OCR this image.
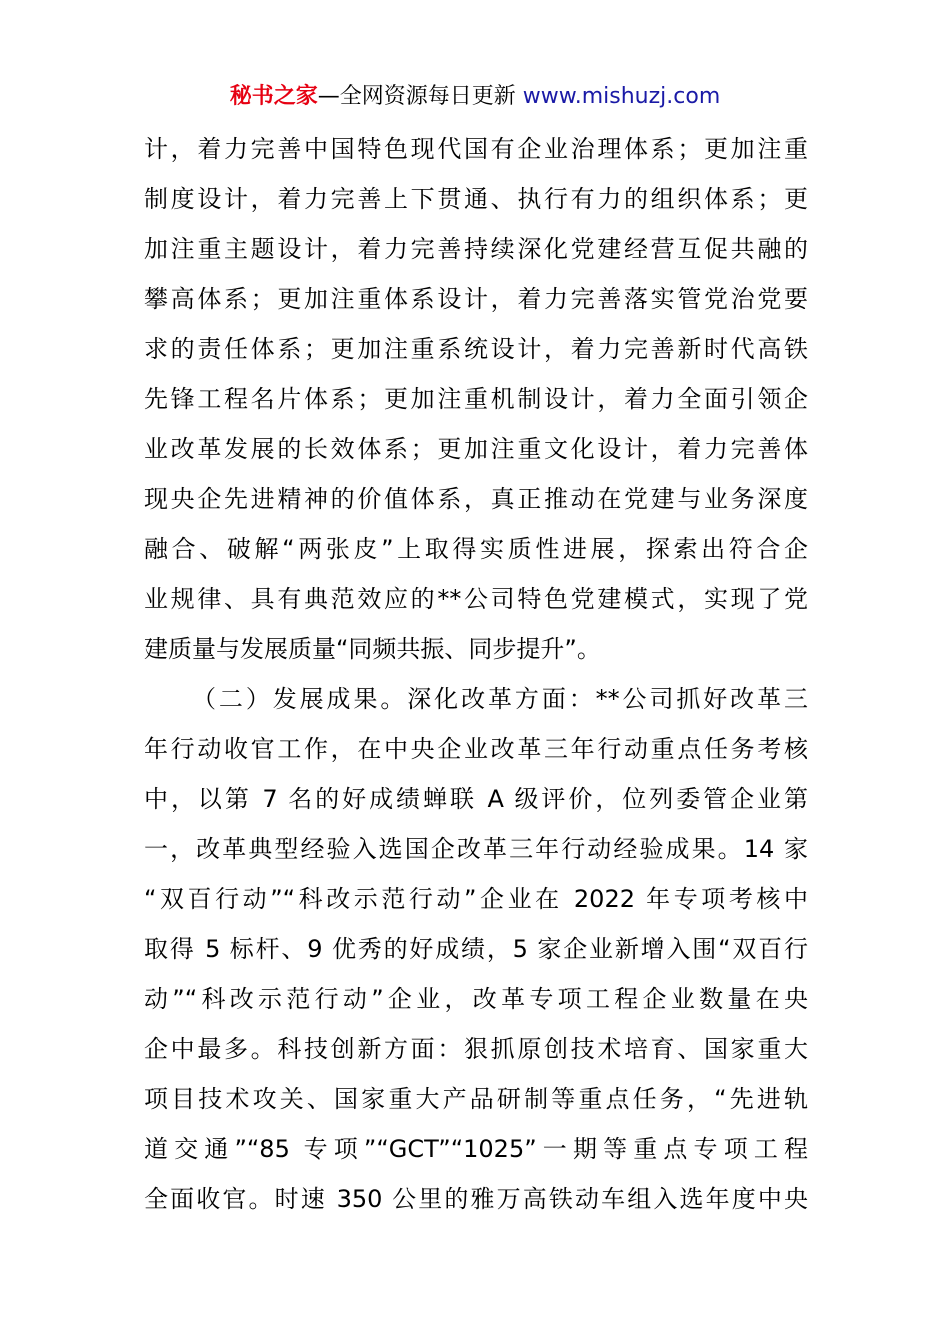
秘书之家—全网资源每日更新 www.mishuzj.com
计，着力完善中国特色现代国有企业治理体系；更加注重
制度设计，着力完善上下贯通、执行有力的组织体系；更
加注重主题设计，着力完善持续深化党建经营互促共融的
攀高体系；更加注重体系设计，着力完善落实管党治党要
求的责任体系；更加注重系统设计，着力完善新时代高铁
先锋工程名片体系；更加注重机制设计，着力全面引领企
业改革发展的长效体系；更加注重文化设计，着力完善体
现央企先进精神的价值体系，真正推动在党建与业务深度
融合、破解“两张皮”上取得实质性进展，探索出符合企
业规律、具有典范效应的**公司特色党建模式，实现了党
建质量与发展质量“同频共振、同步提升”。
（二）发展成果。深化改革方面：**公司抓好改革三
年行动收官工作，在中央企业改革三年行动重点任务考核
中，以第 7 名的好成绩蝉联 A 级评价，位列委管企业第
一，改革典型经验入选国企改革三年行动经验成果。14 家
“双百行动”“科改示范行动”企业在 2022 年专项考核中
取得 5 标杆、9 优秀的好成绩，5 家企业新增入围“双百行
动”“科改示范行动”企业，改革专项工程企业数量在央
企中最多。科技创新方面：狠抓原创技术培育、国家重大
项目技术攻关、国家重大产品研制等重点任务，“先进轨
道交通”“85 专项”“GCT”“1025”一期等重点专项工程
全面收官。时速 350 公里的雅万高铁动车组入选年度中央
